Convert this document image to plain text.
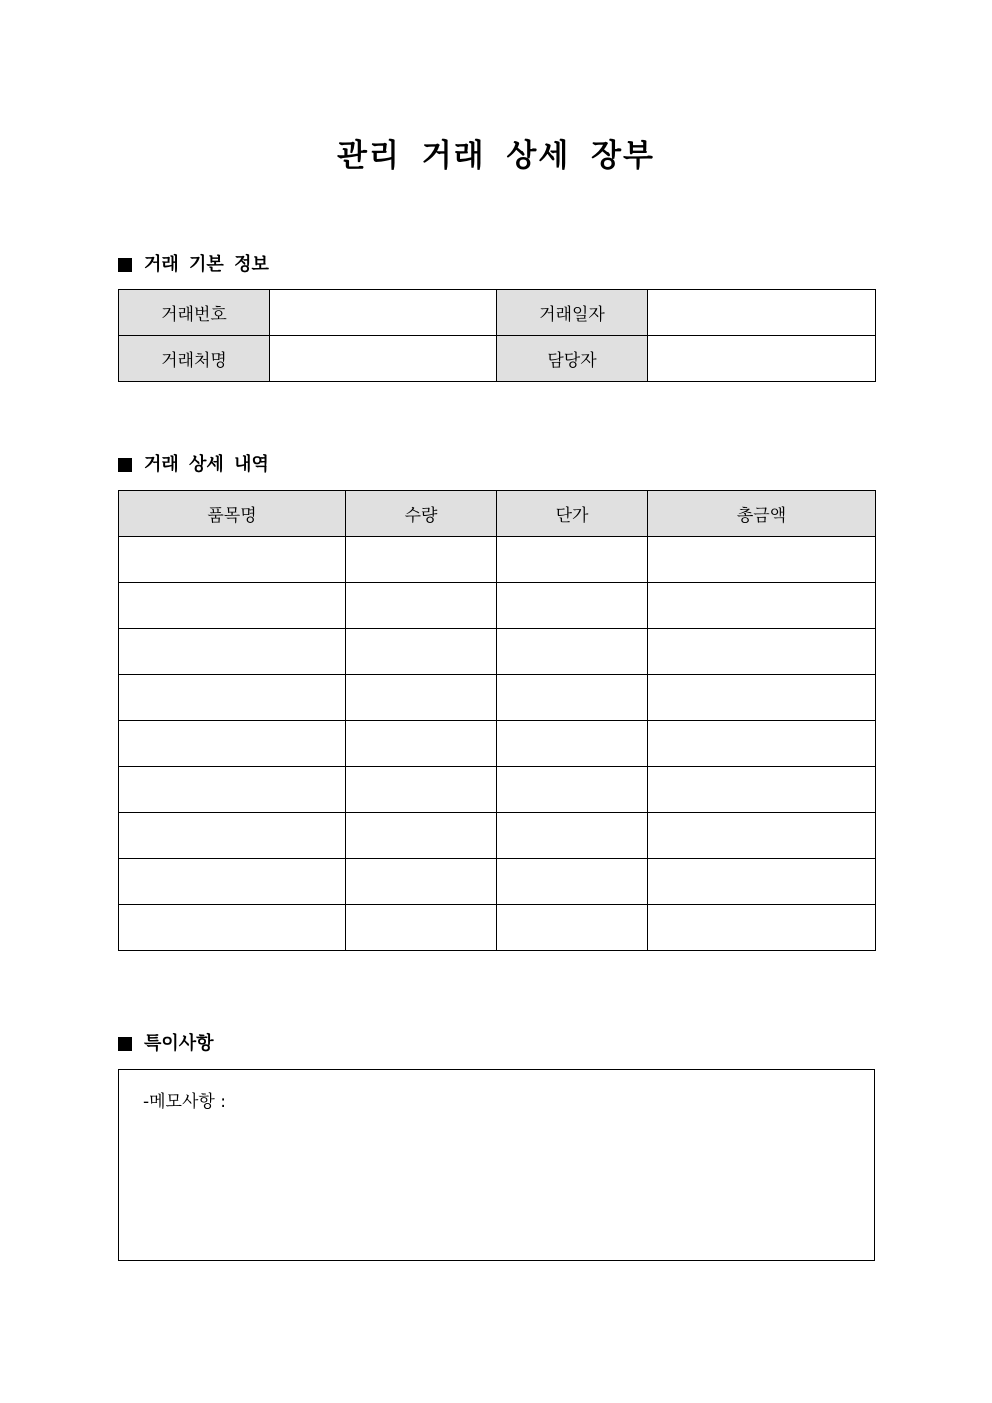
관리 거래 상세 장부
거래 기본 정보
거래번호		거래일자	
거래처명		담당자	
거래 상세 내역
품목명	수량	단가	총금액

특이사항
-메모사항 :
